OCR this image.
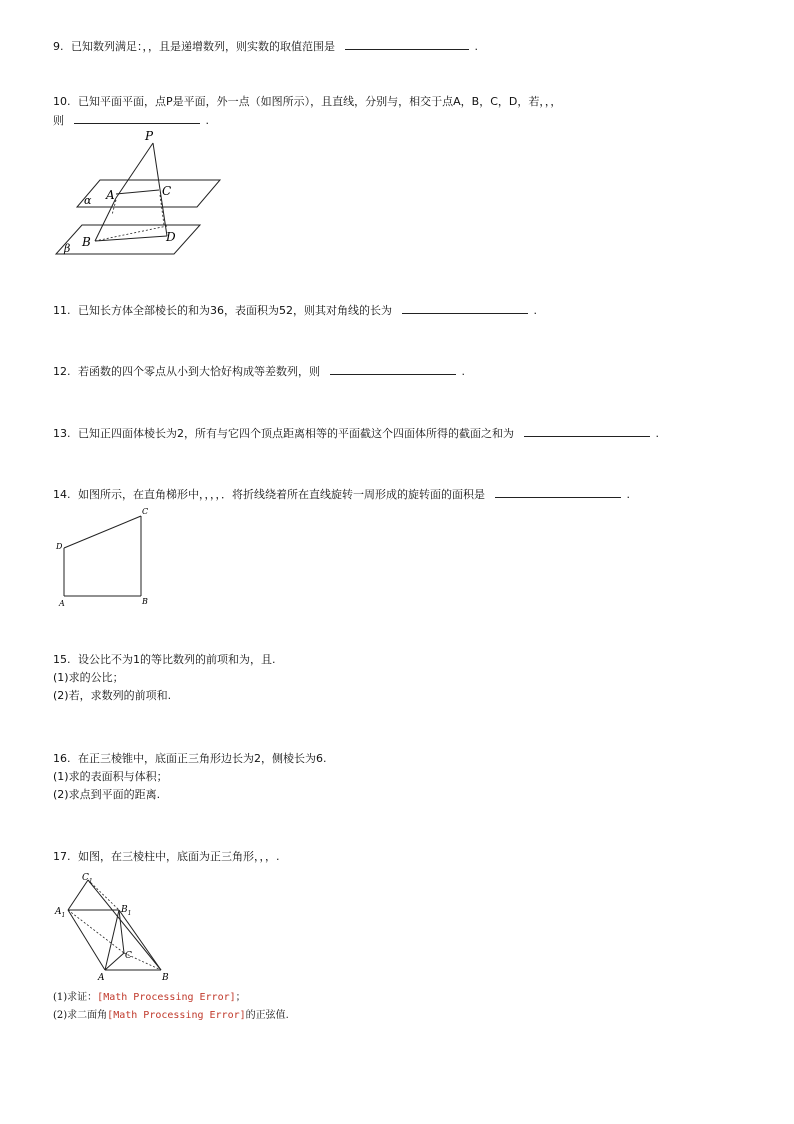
9. 已知数列满足：，，且是递增数列，则实数的取值范围是	.
10. 已知平面平面，点P是平面，外一点（如图所示），且直线，分别与，相交于点A，B，C，D，若，，，
则	.
P
A	C
B	D
α
β
A	B
C
D
$C_1$
$A_1$
$B_1$
A	B
C
11. 已知长方体全部棱长的和为36，表面积为52，则其对角线的长为	.
12. 若函数的四个零点从小到大恰好构成等差数列，则	.
13. 已知正四面体棱长为2，所有与它四个顶点距离相等的平面截这个四面体所得的截面之和为	.
14. 如图所示，在直角梯形中，，，，．将折线绕着所在直线旋转一周形成的旋转面的面积是	.
15. 设公比不为1的等比数列的前项和为，且.
(1)求的公比；
(2)若，求数列的前项和.
16. 在正三棱锥中，底面正三角形边长为2，侧棱长为6.
(1)求的表面积与体积；
(2)求点到平面的距离.
17. 如图，在三棱柱中，底面为正三角形，，，.
(1)求证：[Math Processing Error]；
(2)求二面角[Math Processing Error]的正弦值.
